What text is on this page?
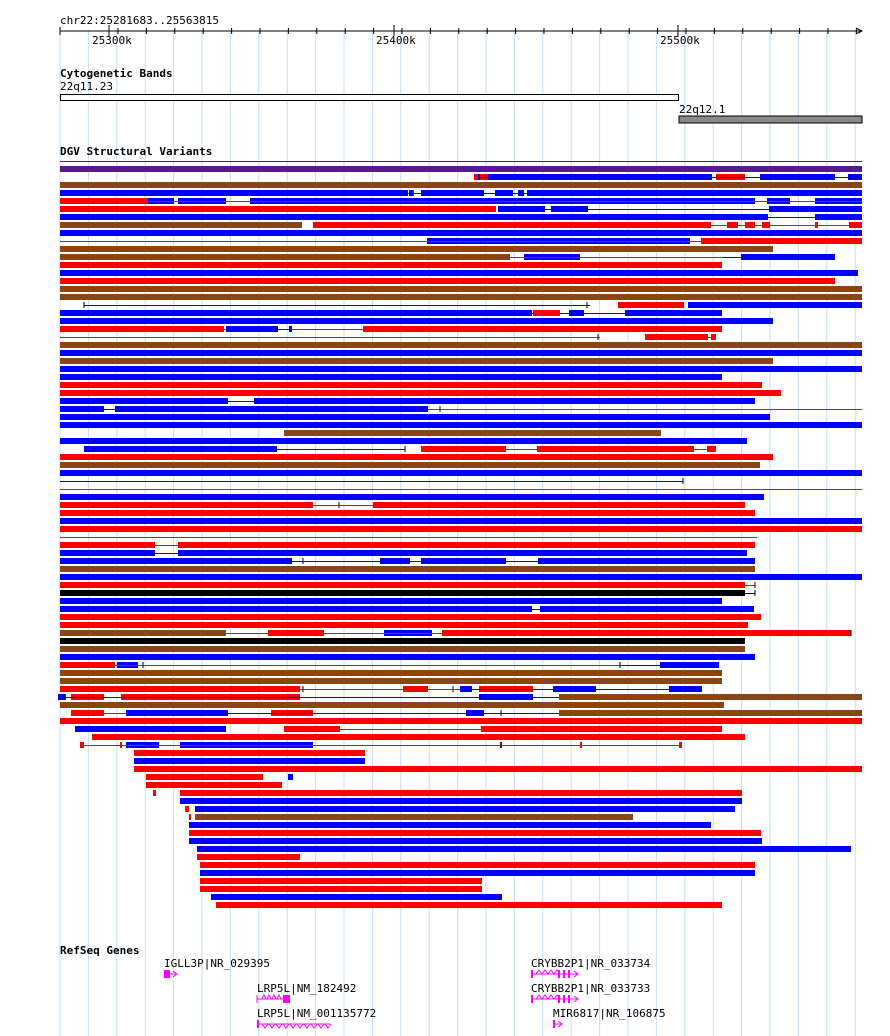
chr22:25281683..25563815
25300k	25400k	25500k
Cytogenetic Bands
22q11.23
22q12.1
DGV Structural Variants
RefSeq Genes
IGLL3P|NR_029395
LRP5L|NM_182492
LRP5L|NM_001135772
CRYBB2P1|NR_033734
CRYBB2P1|NR_033733
MIR6817|NR_106875
